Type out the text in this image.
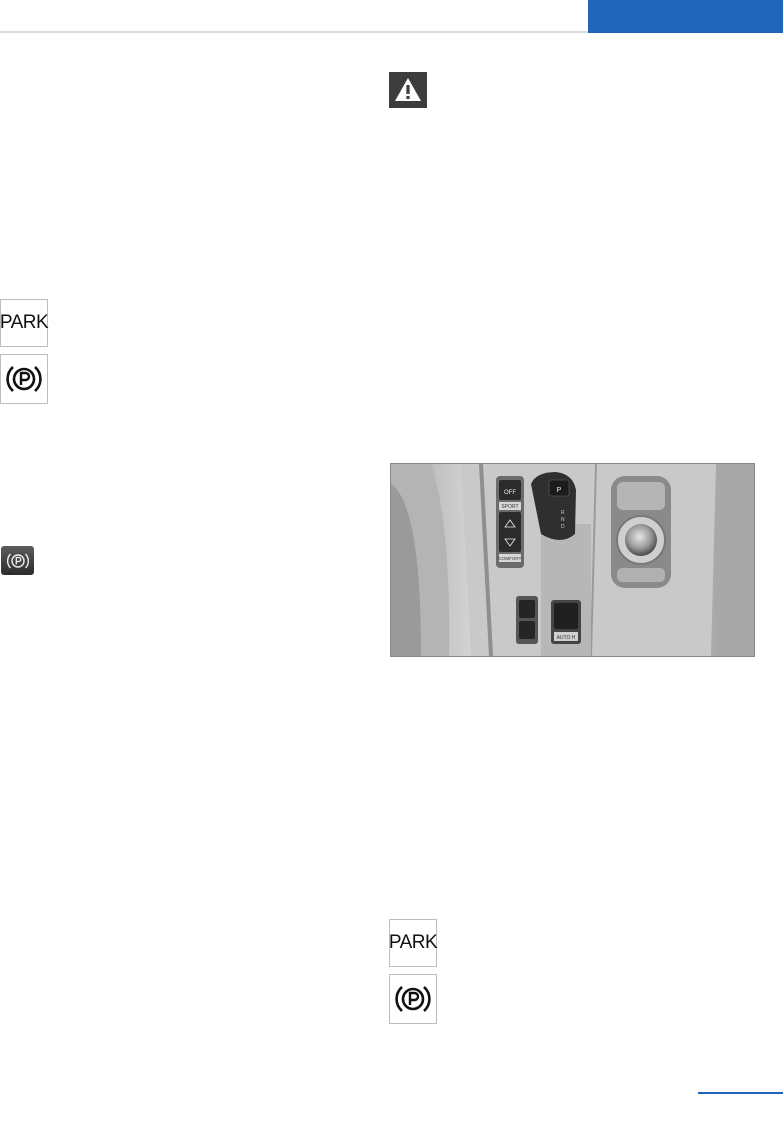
PARK
OFF
SPORT
COMFORT
P
R
N
D
AUTO H
PARK
